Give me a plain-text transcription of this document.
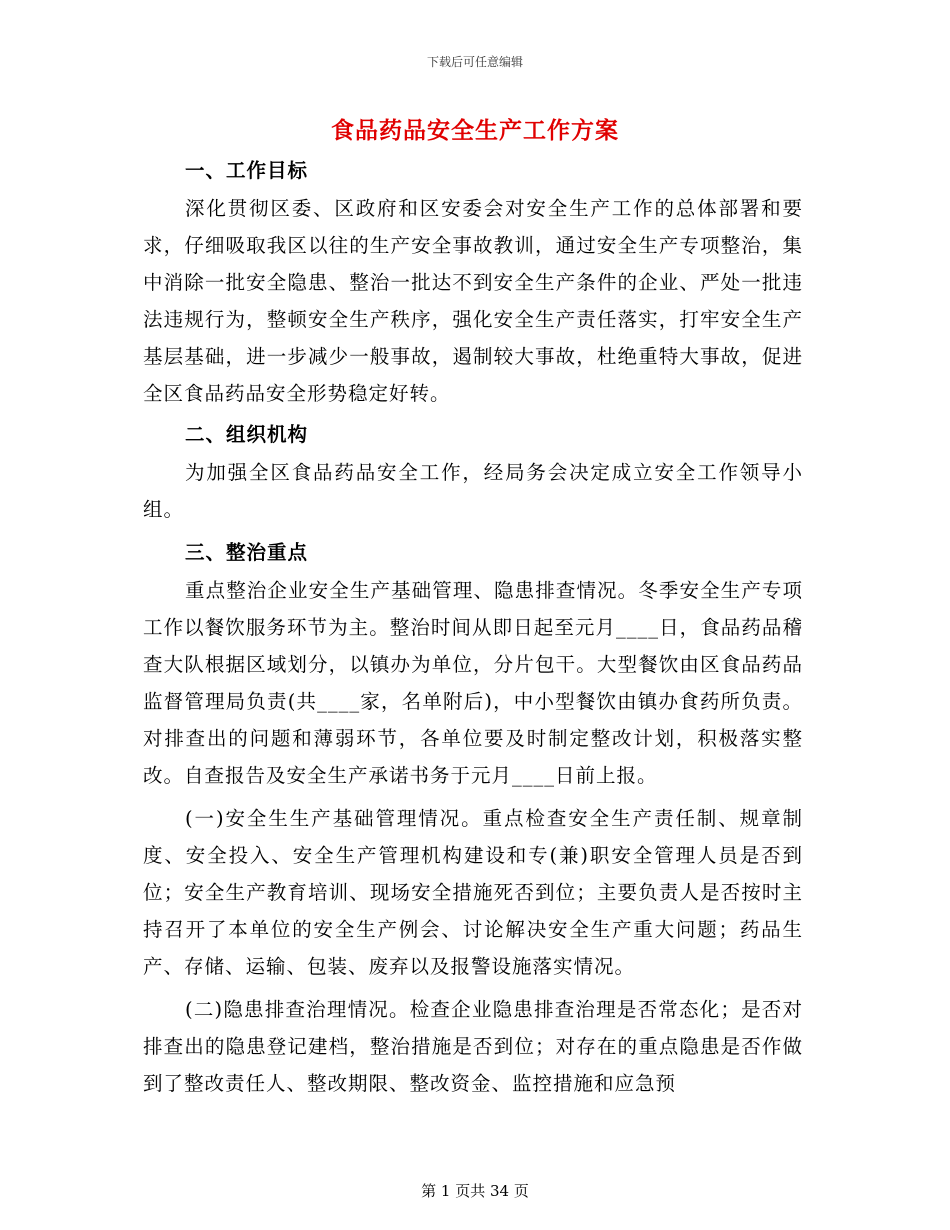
下载后可任意编辑
食品药品安全生产工作方案

一、工作目标

深化贯彻区委、区政府和区安委会对安全生产工作的总体部署和要求，仔细吸取我区以往的生产安全事故教训，通过安全生产专项整治，集中消除一批安全隐患、整治一批达不到安全生产条件的企业、严处一批违法违规行为，整顿安全生产秩序，强化安全生产责任落实，打牢安全生产基层基础，进一步减少一般事故，遏制较大事故，杜绝重特大事故，促进全区食品药品安全形势稳定好转。

二、组织机构

为加强全区食品药品安全工作，经局务会决定成立安全工作领导小组。

三、整治重点

重点整治企业安全生产基础管理、隐患排查情况。冬季安全生产专项工作以餐饮服务环节为主。整治时间从即日起至元月____日，食品药品稽查大队根据区域划分，以镇办为单位，分片包干。大型餐饮由区食品药品监督管理局负责(共____家，名单附后)，中小型餐饮由镇办食药所负责。对排查出的问题和薄弱环节，各单位要及时制定整改计划，积极落实整改。自查报告及安全生产承诺书务于元月____日前上报。

(一)安全生生产基础管理情况。重点检查安全生产责任制、规章制度、安全投入、安全生产管理机构建设和专(兼)职安全管理人员是否到位；安全生产教育培训、现场安全措施死否到位；主要负责人是否按时主持召开了本单位的安全生产例会、讨论解决安全生产重大问题；药品生产、存储、运输、包装、废弃以及报警设施落实情况。

(二)隐患排查治理情况。检查企业隐患排查治理是否常态化；是否对排查出的隐患登记建档，整治措施是否到位；对存在的重点隐患是否作做到了整改责任人、整改期限、整改资金、监控措施和应急预

第 1 页共 34 页
